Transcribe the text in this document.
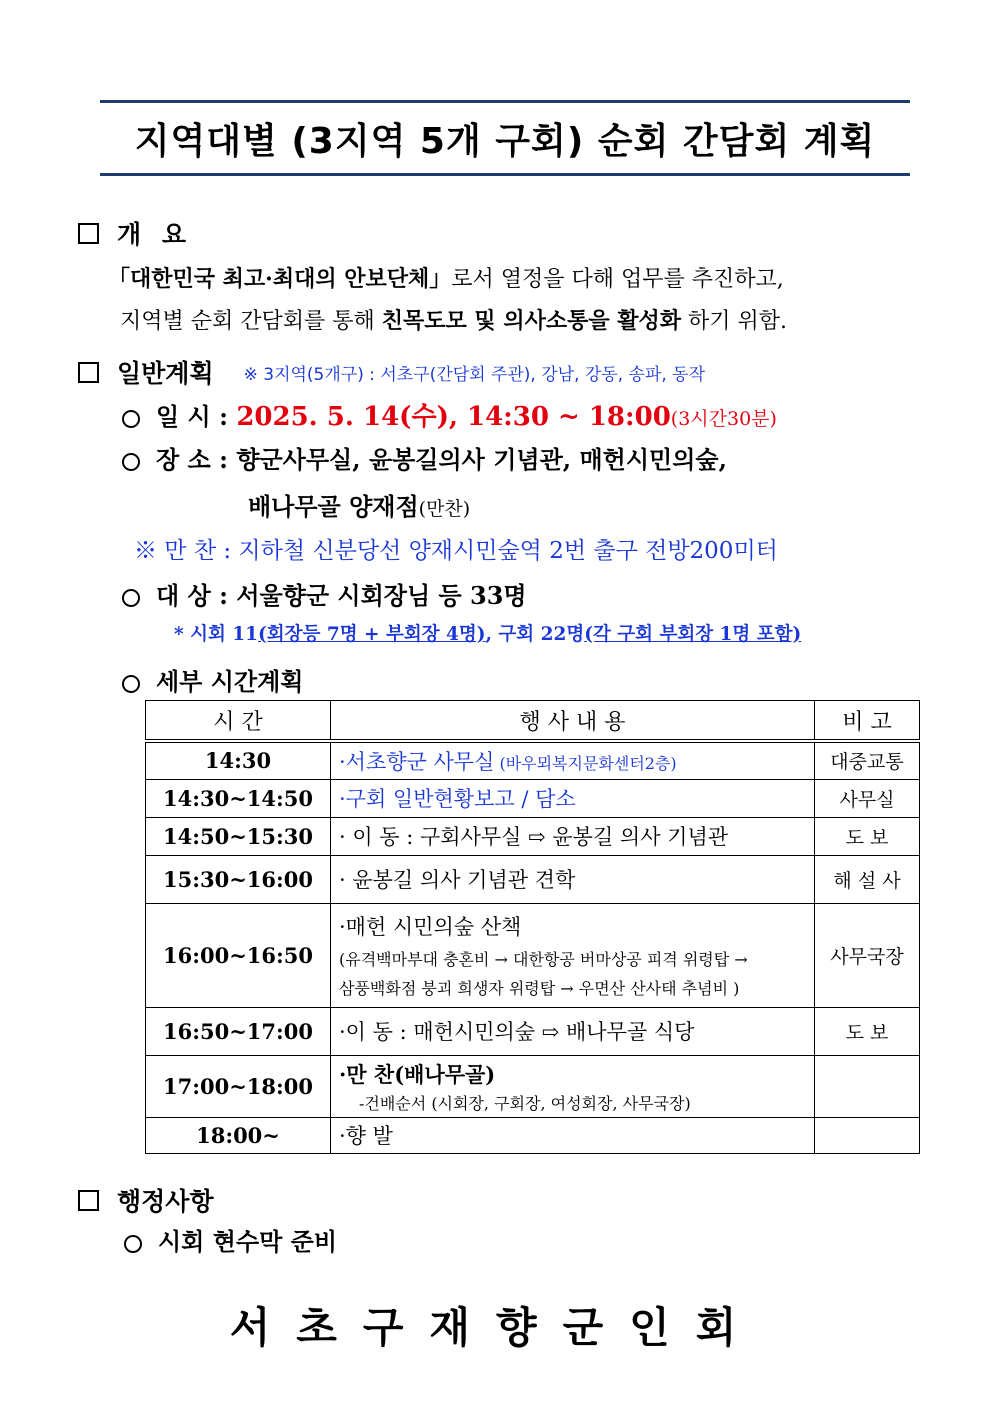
지역대별 (3지역 5개 구회) 순회 간담회 계획
개 요
「대한민국 최고·최대의 안보단체」로서 열정을 다해 업무를 추진하고,
지역별 순회 간담회를 통해 친목도모 및 의사소통을 활성화 하기 위함.
일반계획 ※ 3지역(5개구) : 서초구(간담회 주관), 강남, 강동, 송파, 동작
일 시 : 2025. 5. 14(수), 14:30 ~ 18:00(3시간30분)
장 소 : 향군사무실, 윤봉길의사 기념관, 매헌시민의숲,
배나무골 양재점(만찬)
※ 만 찬 : 지하철 신분당선 양재시민숲역 2번 출구 전방200미터
대 상 : 서울향군 시회장님 등 33명
* 시회 11(회장등 7명 + 부회장 4명), 구회 22명(각 구회 부회장 1명 포함)
세부 시간계획
시 간	행 사 내 용	비 고
14:30	·서초향군 사무실 (바우뫼복지문화센터2층)	대중교통
14:30~14:50	·구회 일반현황보고 / 담소	사무실
14:50~15:30	· 이 동 : 구회사무실 ⇨ 윤봉길 의사 기념관	도 보
15:30~16:00	· 윤봉길 의사 기념관 견학	해 설 사
16:00~16:50	·매헌 시민의숲 산책
(유격백마부대 충혼비 → 대한항공 버마상공 피격 위령탑 →
삼풍백화점 붕괴 희생자 위령탑 → 우면산 산사태 추념비 )	사무국장
16:50~17:00	·이 동 : 매헌시민의숲 ⇨ 배나무골 식당	도 보
17:00~18:00	·만 찬(배나무골)
-건배순서 (시회장, 구회장, 여성회장, 사무국장)	

18:00~	·향 발	
행정사항
시회 현수막 준비
서초구재향군인회
